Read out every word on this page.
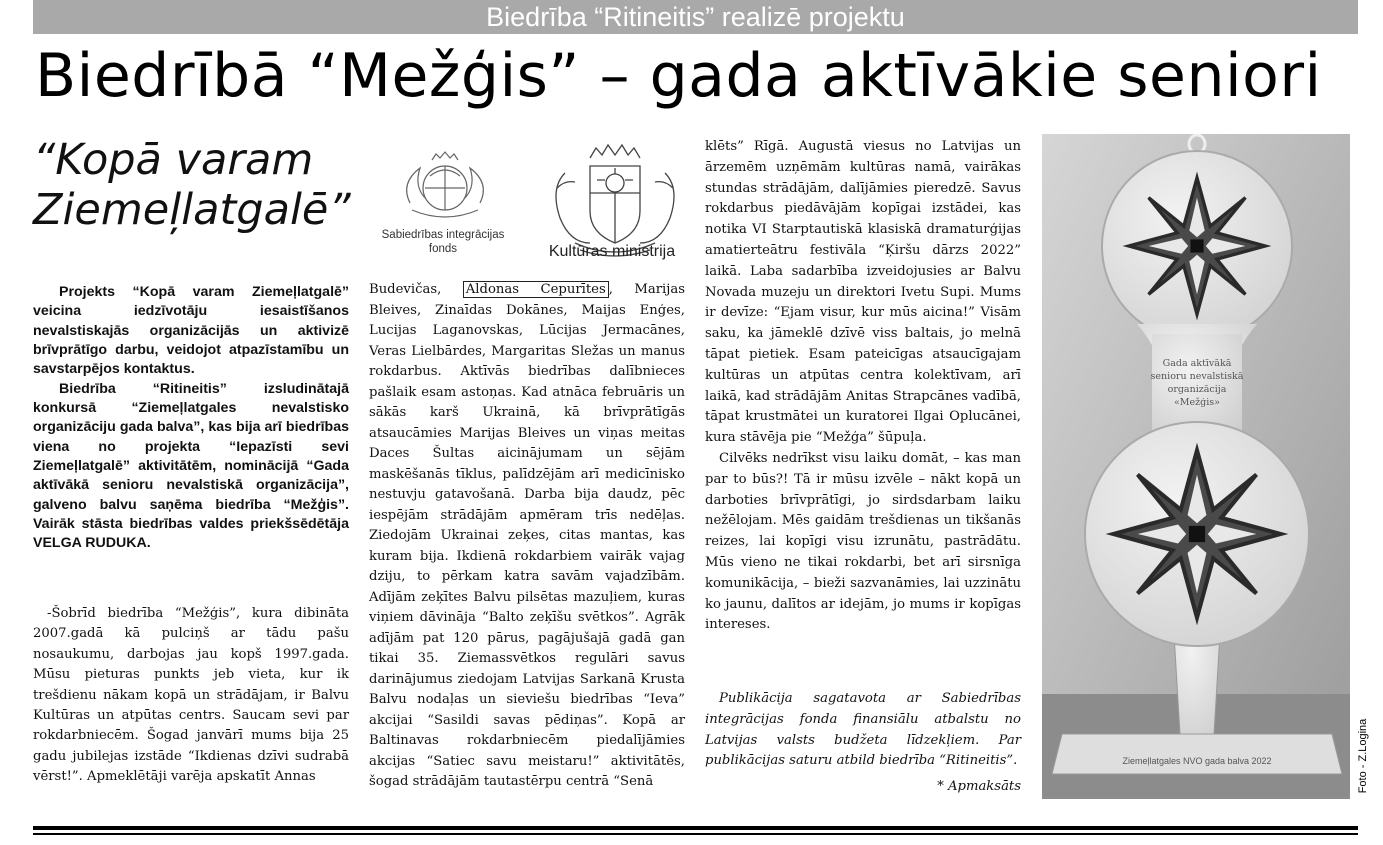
Biedrība “Ritineitis” realizē projektu
Biedrībā “Mežģis” – gada aktīvākie seniori
“Kopā varam
Ziemeļlatgalē”	Sabiedrības integrācijas
fonds	Kultūras ministrija

Projekts “Kopā varam Ziemeļlatgalē” veicina iedzīvotāju iesaistīšanos nevalstiskajās organizācijās un aktivizē brīvprātīgo darbu, veidojot atpazīstamību un savstarpējos kontaktus.

Biedrība “Ritineitis” izsludinātajā konkursā “Ziemeļlatgales nevalstisko organizāciju gada balva”, kas bija arī biedrības viena no projekta “Iepazīsti sevi Ziemeļlatgalē” aktivitātēm, nominācijā “Gada aktīvākā senioru nevalstiskā organizācija”, galveno balvu saņēma biedrība “Mežģis”. Vairāk stāsta biedrības valdes priekšsēdētāja VELGA RUDUKA.

-Šobrīd biedrība “Mežģis”, kura dibināta 2007.gadā kā pulciņš ar tādu pašu nosaukumu, darbojas jau kopš 1997.gada. Mūsu pieturas punkts jeb vieta, kur ik trešdienu nākam kopā un strādājam, ir Balvu Kultūras un atpūtas centrs. Saucam sevi par rokdarbniecēm. Šogad janvārī mums bija 25 gadu jubilejas izstāde “Ikdienas dzīvi sudrabā vērst!”. Apmeklētāji varēja apskatīt Annas

Budevičas, Aldonas Cepurītes , Marijas Bleives, Zinaīdas Dokānes, Maijas Enģes, Lucijas Laganovskas, Lūcijas Jermacānes, Veras Lielbārdes, Margaritas Sležas un manus rokdarbus. Aktīvās biedrības dalībnieces pašlaik esam astoņas. Kad atnāca februāris un sākās karš Ukrainā, kā brīvprātīgās atsaucāmies Marijas Bleives un viņas meitas Daces Šultas aicinājumam un sējām maskēšanās tīklus, palīdzējām arī medicīnisko nestuvju gatavošanā. Darba bija daudz, pēc iespējām strādājām apmēram trīs nedēļas. Ziedojām Ukrainai zeķes, citas mantas, kas kuram bija. Ikdienā rokdarbiem vairāk vajag dziju, to pērkam katra savām vajadzībām. Adījām zeķītes Balvu pilsētas mazuļiem, kuras viņiem dāvināja “Balto zeķīšu svētkos”. Agrāk adījām pat 120 pārus, pagājušajā gadā gan tikai 35. Ziemassvētkos regulāri savus darinājumus ziedojam Latvijas Sarkanā Krusta Balvu nodaļas un sieviešu biedrības “Ieva” akcijai “Sasildi savas pēdiņas”. Kopā ar Baltinavas rokdarbniecēm piedalījāmies akcijas “Satiec savu meistaru!” aktivitātēs, šogad strādājām tautastērpu centrā “Senā

klēts” Rīgā. Augustā viesus no Latvijas un ārzemēm uzņēmām kultūras namā, vairākas stundas strādājām, dalījāmies pieredzē. Savus rokdarbus piedāvājām kopīgai izstādei, kas notika VI Starptautiskā klasiskā dramaturģijas amatierteātru festivāla “Ķiršu dārzs 2022” laikā. Laba sadarbība izveidojusies ar Balvu Novada muzeju un direktori Ivetu Supi. Mums ir devīze: “Ejam visur, kur mūs aicina!” Visām saku, ka jāmeklē dzīvē viss baltais, jo melnā tāpat pietiek. Esam pateicīgas atsaucīgajam kultūras un atpūtas centra kolektīvam, arī laikā, kad strādājām Anitas Strapcānes vadībā, tāpat krustmātei un kuratorei Ilgai Oplucānei, kura stāvēja pie “Mežģa” šūpuļa.

Cilvēks nedrīkst visu laiku domāt, – kas man par to būs?! Tā ir mūsu izvēle – nākt kopā un darboties brīvprātīgi, jo sirdsdarbam laiku nežēlojam. Mēs gaidām trešdienas un tikšanās reizes, lai kopīgi visu izrunātu, pastrādātu. Mūs vieno ne tikai rokdarbi, bet arī sirsnīga komunikācija, – bieži sazvanāmies, lai uzzinātu ko jaunu, dalītos ar idejām, jo mums ir kopīgas intereses.

Publikācija sagatavota ar Sabiedrības integrācijas fonda finansiālu atbalstu no Latvijas valsts budžeta līdzekļiem. Par publikācijas saturu atbild biedrība “Ritineitis”.
* Apmaksāts
Ziemeļlatgales NVO gada balva 2022
Gada aktīvākā
senioru nevalstiskā
organizācija
«Mežģis»
Foto - Z.Logina
